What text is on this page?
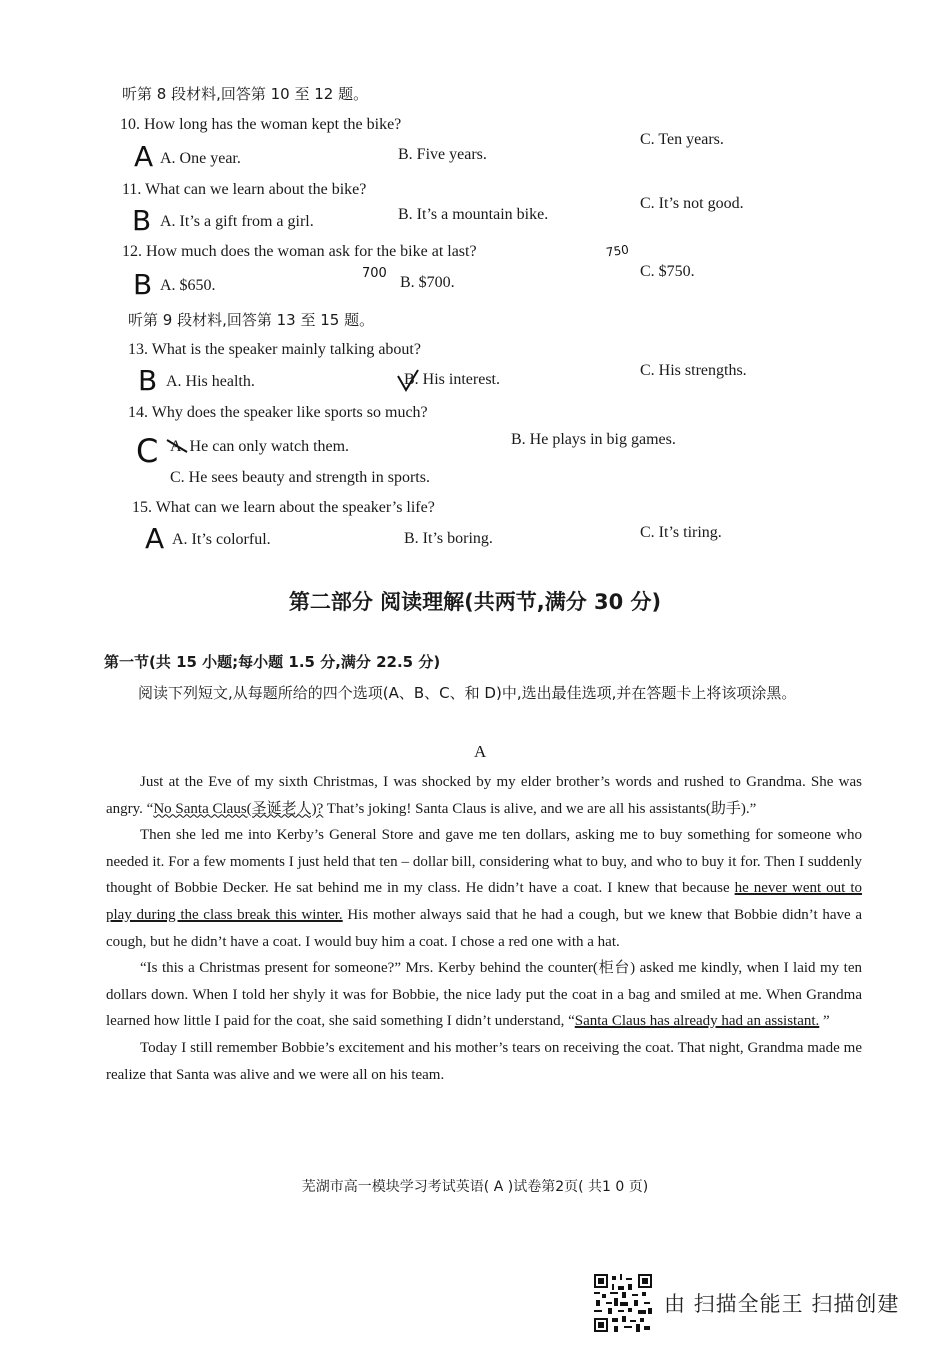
听第 8 段材料,回答第 10 至 12 题。
10. How long has the woman kept the bike?
A A. One year.	B. Five years.
C. Ten years.
11. What can we learn about the bike?
B A. It’s a gift from a girl.	B. It’s a mountain bike.
C. It’s not good.
12. How much does the woman ask for the bike at last?
B A. $650.
700
B. $700.
750
C. $750.
听第 9 段材料,回答第 13 至 15 题。
13. What is the speaker mainly talking about?
B A. His health.	B. His interest.
C. His strengths.
14. Why does the speaker like sports so much?
C A. He can only watch them.	B. He plays in big games.
C. He sees beauty and strength in sports.
15. What can we learn about the speaker’s life?
A A. It’s colorful.	B. It’s boring.	C. It’s tiring.
第二部分 阅读理解(共两节,满分 30 分)
第一节(共 15 小题;每小题 1.5 分,满分 22.5 分)
阅读下列短文,从每题所给的四个选项(A、B、C、和 D)中,选出最佳选项,并在答题卡上将该项涂黑。
A

Just at the Eve of my sixth Christmas, I was shocked by my elder brother’s words and rushed to Grandma. She was angry. “No Santa Claus(圣诞老人)? That’s joking! Santa Claus is alive, and we are all his assistants(助手).”

Then she led me into Kerby’s General Store and gave me ten dollars, asking me to buy something for someone who needed it. For a few moments I just held that ten – dollar bill, considering what to buy, and who to buy it for. Then I suddenly thought of Bobbie Decker. He sat behind me in my class. He didn’t have a coat. I knew that because he never went out to play during the class break this winter. His mother always said that he had a cough, but we knew that Bobbie didn’t have a cough, but he didn’t have a coat. I would buy him a coat. I chose a red one with a hat.

“Is this a Christmas present for someone?” Mrs. Kerby behind the counter(柜台) asked me kindly, when I laid my ten dollars down. When I told her shyly it was for Bobbie, the nice lady put the coat in a bag and smiled at me. When Grandma learned how little I paid for the coat, she said something I didn’t understand, “Santa Claus has already had an assistant. ”

Today I still remember Bobbie’s excitement and his mother’s tears on receiving the coat. That night, Grandma made me realize that Santa was alive and we were all on his team.

芜湖市高一模块学习考试英语( A )试卷第2页( 共1 0 页)
由 扫描全能王 扫描创建
